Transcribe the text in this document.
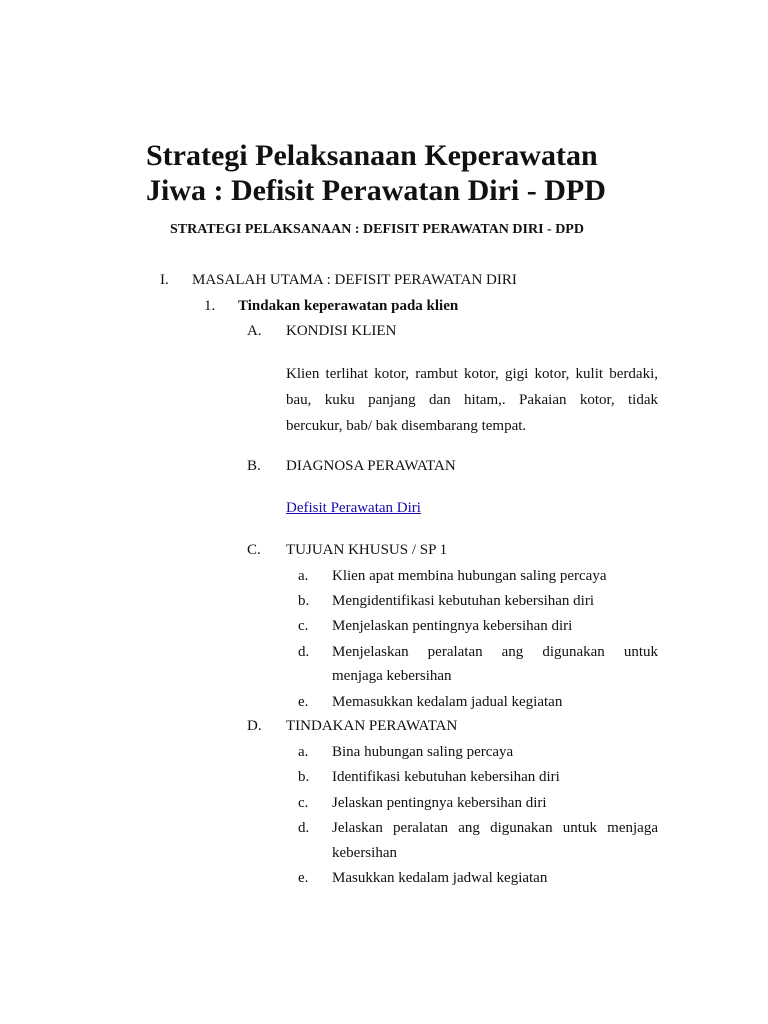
Strategi Pelaksanaan Keperawatan
Jiwa : Defisit Perawatan Diri - DPD
STRATEGI PELAKSANAAN : DEFISIT PERAWATAN DIRI - DPD
I. MASALAH UTAMA : DEFISIT PERAWATAN DIRI
1. Tindakan keperawatan pada klien
A. KONDISI KLIEN
Klien terlihat kotor, rambut kotor, gigi kotor, kulit berdaki,
bau, kuku panjang dan hitam,. Pakaian kotor, tidak
bercukur, bab/ bak disembarang tempat.
B. DIAGNOSA PERAWATAN
Defisit Perawatan Diri
C. TUJUAN KHUSUS / SP 1
a. Klien apat membina hubungan saling percaya
b. Mengidentifikasi kebutuhan kebersihan diri
c. Menjelaskan pentingnya kebersihan diri
d. Menjelaskan peralatan ang digunakan untuk
menjaga kebersihan
e. Memasukkan kedalam jadual kegiatan
D. TINDAKAN PERAWATAN
a. Bina hubungan saling percaya
b. Identifikasi kebutuhan kebersihan diri
c. Jelaskan pentingnya kebersihan diri
d. Jelaskan peralatan ang digunakan untuk menjaga
kebersihan
e. Masukkan kedalam jadwal kegiatan
